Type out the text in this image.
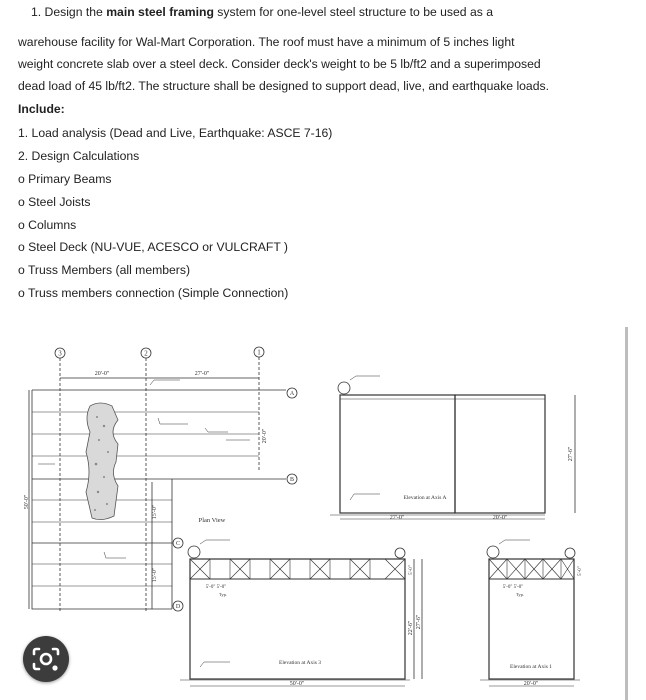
1. Design the main steel framing system for one-level steel structure to be used as a
warehouse facility for Wal-Mart Corporation. The roof must have a minimum of 5 inches light
weight concrete slab over a steel deck. Consider deck's weight to be 5 lb/ft2 and a superimposed
dead load of 45 lb/ft2. The structure shall be designed to support dead, live, and earthquake loads.
Include:
1. Load analysis (Dead and Live, Earthquake: ASCE 7-16)
2. Design Calculations
o Primary Beams
o Steel Joists
o Columns
o Steel Deck (NU-VUE, ACESCO or VULCRAFT )
o Truss Members (all members)
o Truss members connection (Simple Connection)
3	2	1
A
B
C
D
20'-0"	27'-0"
50'-0"
20'-0"
15'-0"
15'-0"
Plan View
Elevation at Axis A
27'-0"	20'-0"
27'-6"
5'-0" 5'-0"
Typ.
Elevation at Axis 3
50'-0"
5'-0"
22'-6" 27'-6"
5'-0" 5'-0"
Typ.
Elevation at Axis 1
20'-0"
5'-0"
